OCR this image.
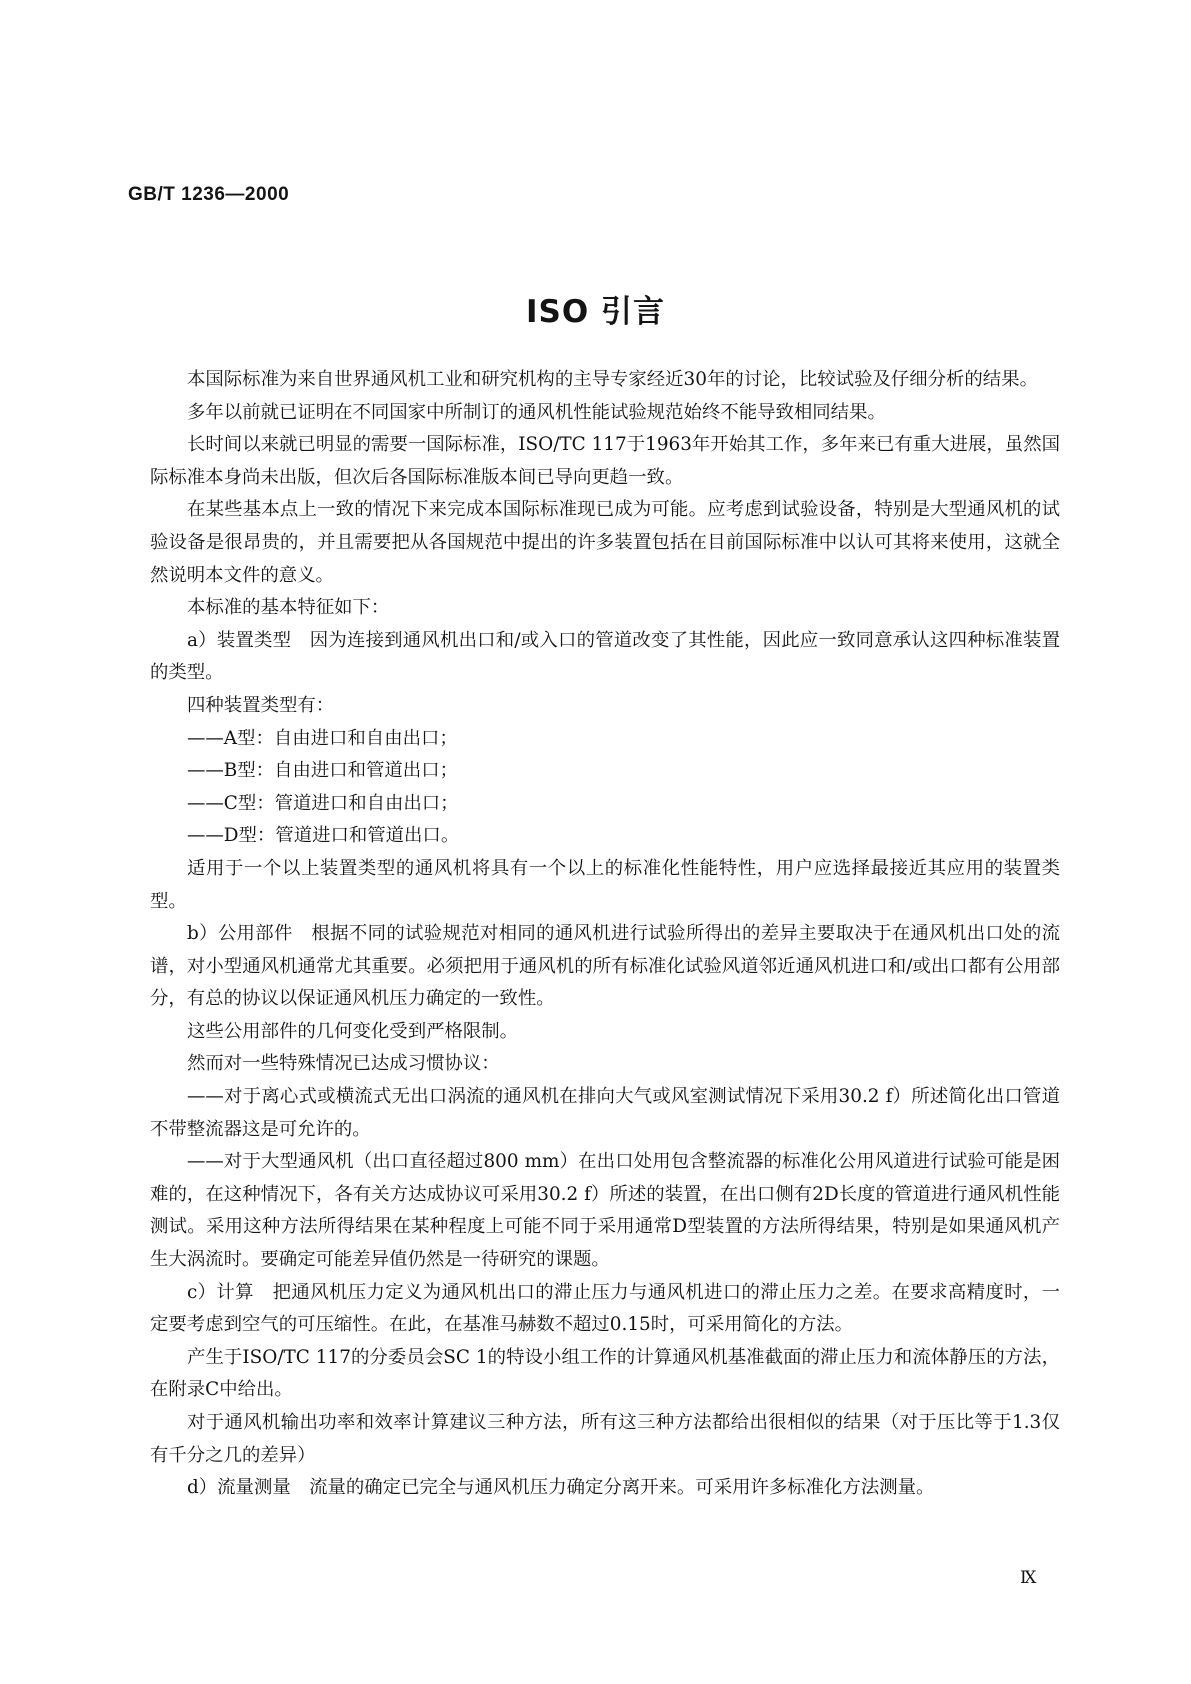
GB/T 1236—2000
ISO 引言

本国际标准为来自世界通风机工业和研究机构的主导专家经近30年的讨论，比较试验及仔细分析的结果。

多年以前就已证明在不同国家中所制订的通风机性能试验规范始终不能导致相同结果。

长时间以来就已明显的需要一国际标准，ISO/TC 117于1963年开始其工作，多年来已有重大进展，虽然国际标准本身尚未出版，但次后各国际标准版本间已导向更趋一致。

在某些基本点上一致的情况下来完成本国际标准现已成为可能。应考虑到试验设备，特别是大型通风机的试验设备是很昂贵的，并且需要把从各国规范中提出的许多装置包括在目前国际标准中以认可其将来使用，这就全然说明本文件的意义。

本标准的基本特征如下：

a）装置类型　因为连接到通风机出口和/或入口的管道改变了其性能，因此应一致同意承认这四种标准装置的类型。

四种装置类型有：

——A型：自由进口和自由出口；

——B型：自由进口和管道出口；

——C型：管道进口和自由出口；

——D型：管道进口和管道出口。

适用于一个以上装置类型的通风机将具有一个以上的标准化性能特性，用户应选择最接近其应用的装置类型。

b）公用部件　根据不同的试验规范对相同的通风机进行试验所得出的差异主要取决于在通风机出口处的流谱，对小型通风机通常尤其重要。必须把用于通风机的所有标准化试验风道邻近通风机进口和/或出口都有公用部分，有总的协议以保证通风机压力确定的一致性。

这些公用部件的几何变化受到严格限制。

然而对一些特殊情况已达成习惯协议：

——对于离心式或横流式无出口涡流的通风机在排向大气或风室测试情况下采用30.2 f）所述简化出口管道不带整流器这是可允许的。

——对于大型通风机（出口直径超过800 mm）在出口处用包含整流器的标准化公用风道进行试验可能是困难的，在这种情况下，各有关方达成协议可采用30.2 f）所述的装置，在出口侧有2D长度的管道进行通风机性能测试。采用这种方法所得结果在某种程度上可能不同于采用通常D型装置的方法所得结果，特别是如果通风机产生大涡流时。要确定可能差异值仍然是一待研究的课题。

c）计算　把通风机压力定义为通风机出口的滞止压力与通风机进口的滞止压力之差。在要求高精度时，一定要考虑到空气的可压缩性。在此，在基准马赫数不超过0.15时，可采用简化的方法。

产生于ISO/TC 117的分委员会SC 1的特设小组工作的计算通风机基准截面的滞止压力和流体静压的方法，在附录C中给出。

对于通风机输出功率和效率计算建议三种方法，所有这三种方法都给出很相似的结果（对于压比等于1.3仅有千分之几的差异）

d）流量测量　流量的确定已完全与通风机压力确定分离开来。可采用许多标准化方法测量。

Ⅸ
